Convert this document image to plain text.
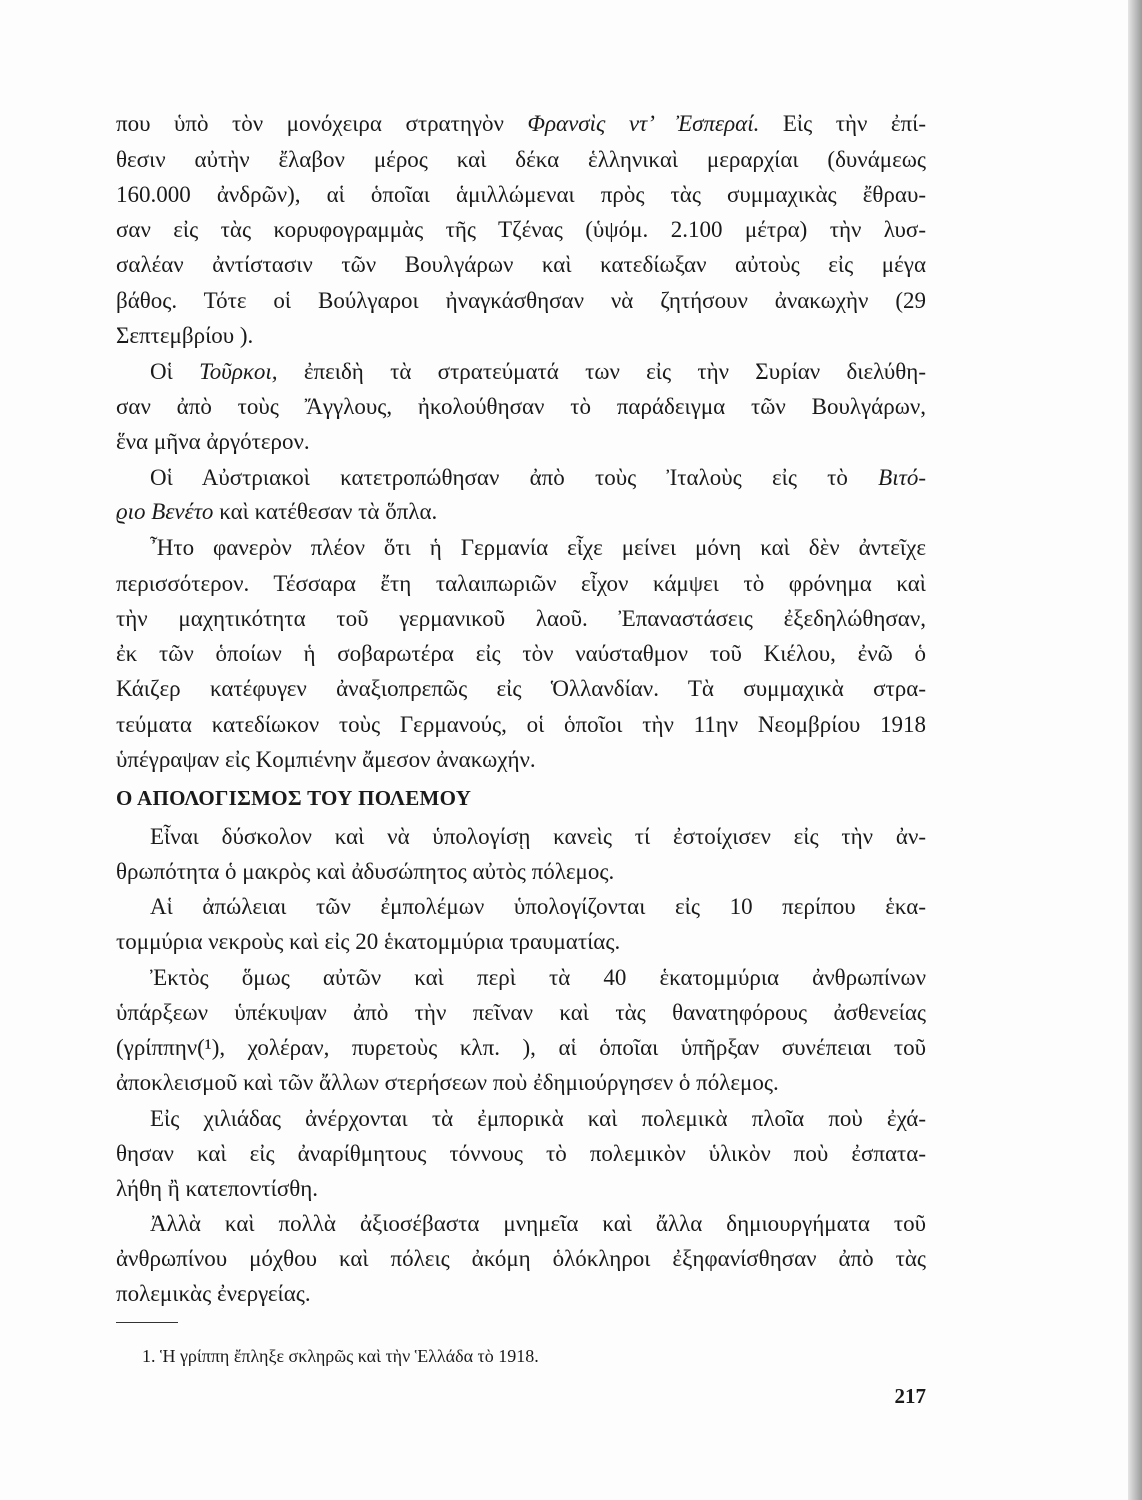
που ὑπὸ τὸν μονόχειρα στρατηγὸν Φρανσὶς ντ’ Ἐσπεραί. Εἰς τὴν ἐπί-
θεσιν αὐτὴν ἔλαβον μέρος καὶ δέκα ἑλληνικαὶ μεραρχίαι (δυνάμεως
160.000 ἀνδρῶν), αἱ ὁποῖαι ἁμιλλώμεναι πρὸς τὰς συμμαχικὰς ἔθραυ-
σαν εἰς τὰς κορυφογραμμὰς τῆς Τζένας (ὑψόμ. 2.100 μέτρα) τὴν λυσ-
σαλέαν ἀντίστασιν τῶν Βουλγάρων καὶ κατεδίωξαν αὐτοὺς εἰς μέγα
βάθος. Τότε οἱ Βούλγαροι ἠναγκάσθησαν νὰ ζητήσουν ἀνακωχὴν (29
Σεπτεμβρίου ).
Οἱ Τοῦρκοι, ἐπειδὴ τὰ στρατεύματά των εἰς τὴν Συρίαν διελύθη-
σαν ἀπὸ τοὺς Ἄγγλους, ἠκολούθησαν τὸ παράδειγμα τῶν Βουλγάρων,
ἕνα μῆνα ἀργότερον.
Οἱ Αὐστριακοὶ κατετροπώθησαν ἀπὸ τοὺς Ἰταλοὺς εἰς τὸ Βιτό-
ϱιο Βενέτο καὶ κατέθεσαν τὰ ὅπλα.
Ἦτο φανερὸν πλέον ὅτι ἡ Γερμανία εἶχε μείνει μόνη καὶ δὲν ἀντεῖχε
περισσότερον. Τέσσαρα ἔτη ταλαιπωριῶν εἶχον κάμψει τὸ φρόνημα καὶ
τὴν μαχητικότητα τοῦ γερμανικοῦ λαοῦ. Ἐπαναστάσεις ἐξεδηλώθησαν,
ἐκ τῶν ὁποίων ἡ σοβαρωτέρα εἰς τὸν ναύσταθμον τοῦ Κιέλου, ἐνῶ ὁ
Κάιζερ κατέφυγεν ἀναξιοπρεπῶς εἰς Ὁλλανδίαν. Τὰ συμμαχικὰ στρα-
τεύματα κατεδίωκον τοὺς Γερμανούς, οἱ ὁποῖοι τὴν 11ην Νεομβρίου 1918
ὑπέγραψαν εἰς Κομπιένην ἄμεσον ἀνακωχήν.
Εἶναι δύσκολον καὶ νὰ ὑπολογίσῃ κανεὶς τί ἐστοίχισεν εἰς τὴν ἀν-
θρωπότητα ὁ μακρὸς καὶ ἀδυσώπητος αὐτὸς πόλεμος.
Αἱ ἀπώλειαι τῶν ἐμπολέμων ὑπολογίζονται εἰς 10 περίπου ἑκα-
τομμύρια νεκροὺς καὶ εἰς 20 ἑκατομμύρια τραυματίας.
Ἐκτὸς ὅμως αὐτῶν καὶ περὶ τὰ 40 ἑκατομμύρια ἀνθρωπίνων
ὑπάρξεων ὑπέκυψαν ἀπὸ τὴν πεῖναν καὶ τὰς θανατηφόρους ἀσθενείας
(γρίππην(¹), χολέραν, πυρετοὺς κλπ. ), αἱ ὁποῖαι ὑπῆρξαν συνέπειαι τοῦ
ἀποκλεισμοῦ καὶ τῶν ἄλλων στερήσεων ποὺ ἐδημιούργησεν ὁ πόλεμος.
Εἰς χιλιάδας ἀνέρχονται τὰ ἐμπορικὰ καὶ πολεμικὰ πλοῖα ποὺ ἐχά-
θησαν καὶ εἰς ἀναρίθμητους τόννους τὸ πολεμικὸν ὑλικὸν ποὺ ἐσπατα-
λήθη ἢ κατεποντίσθη.
Ἀλλὰ καὶ πολλὰ ἀξιοσέβαστα μνημεῖα καὶ ἄλλα δημιουργήματα τοῦ
ἀνθρωπίνου μόχθου καὶ πόλεις ἀκόμη ὁλόκληροι ἐξηφανίσθησαν ἀπὸ τὰς
πολεμικὰς ἐνεργείας.
Ο ΑΠΟΛΟΓΙΣΜΟΣ ΤΟΥ ΠΟΛΕΜΟΥ
1. Ἡ γρίππη ἔπληξε σκληρῶς καὶ τὴν Ἑλλάδα τὸ 1918.
217
